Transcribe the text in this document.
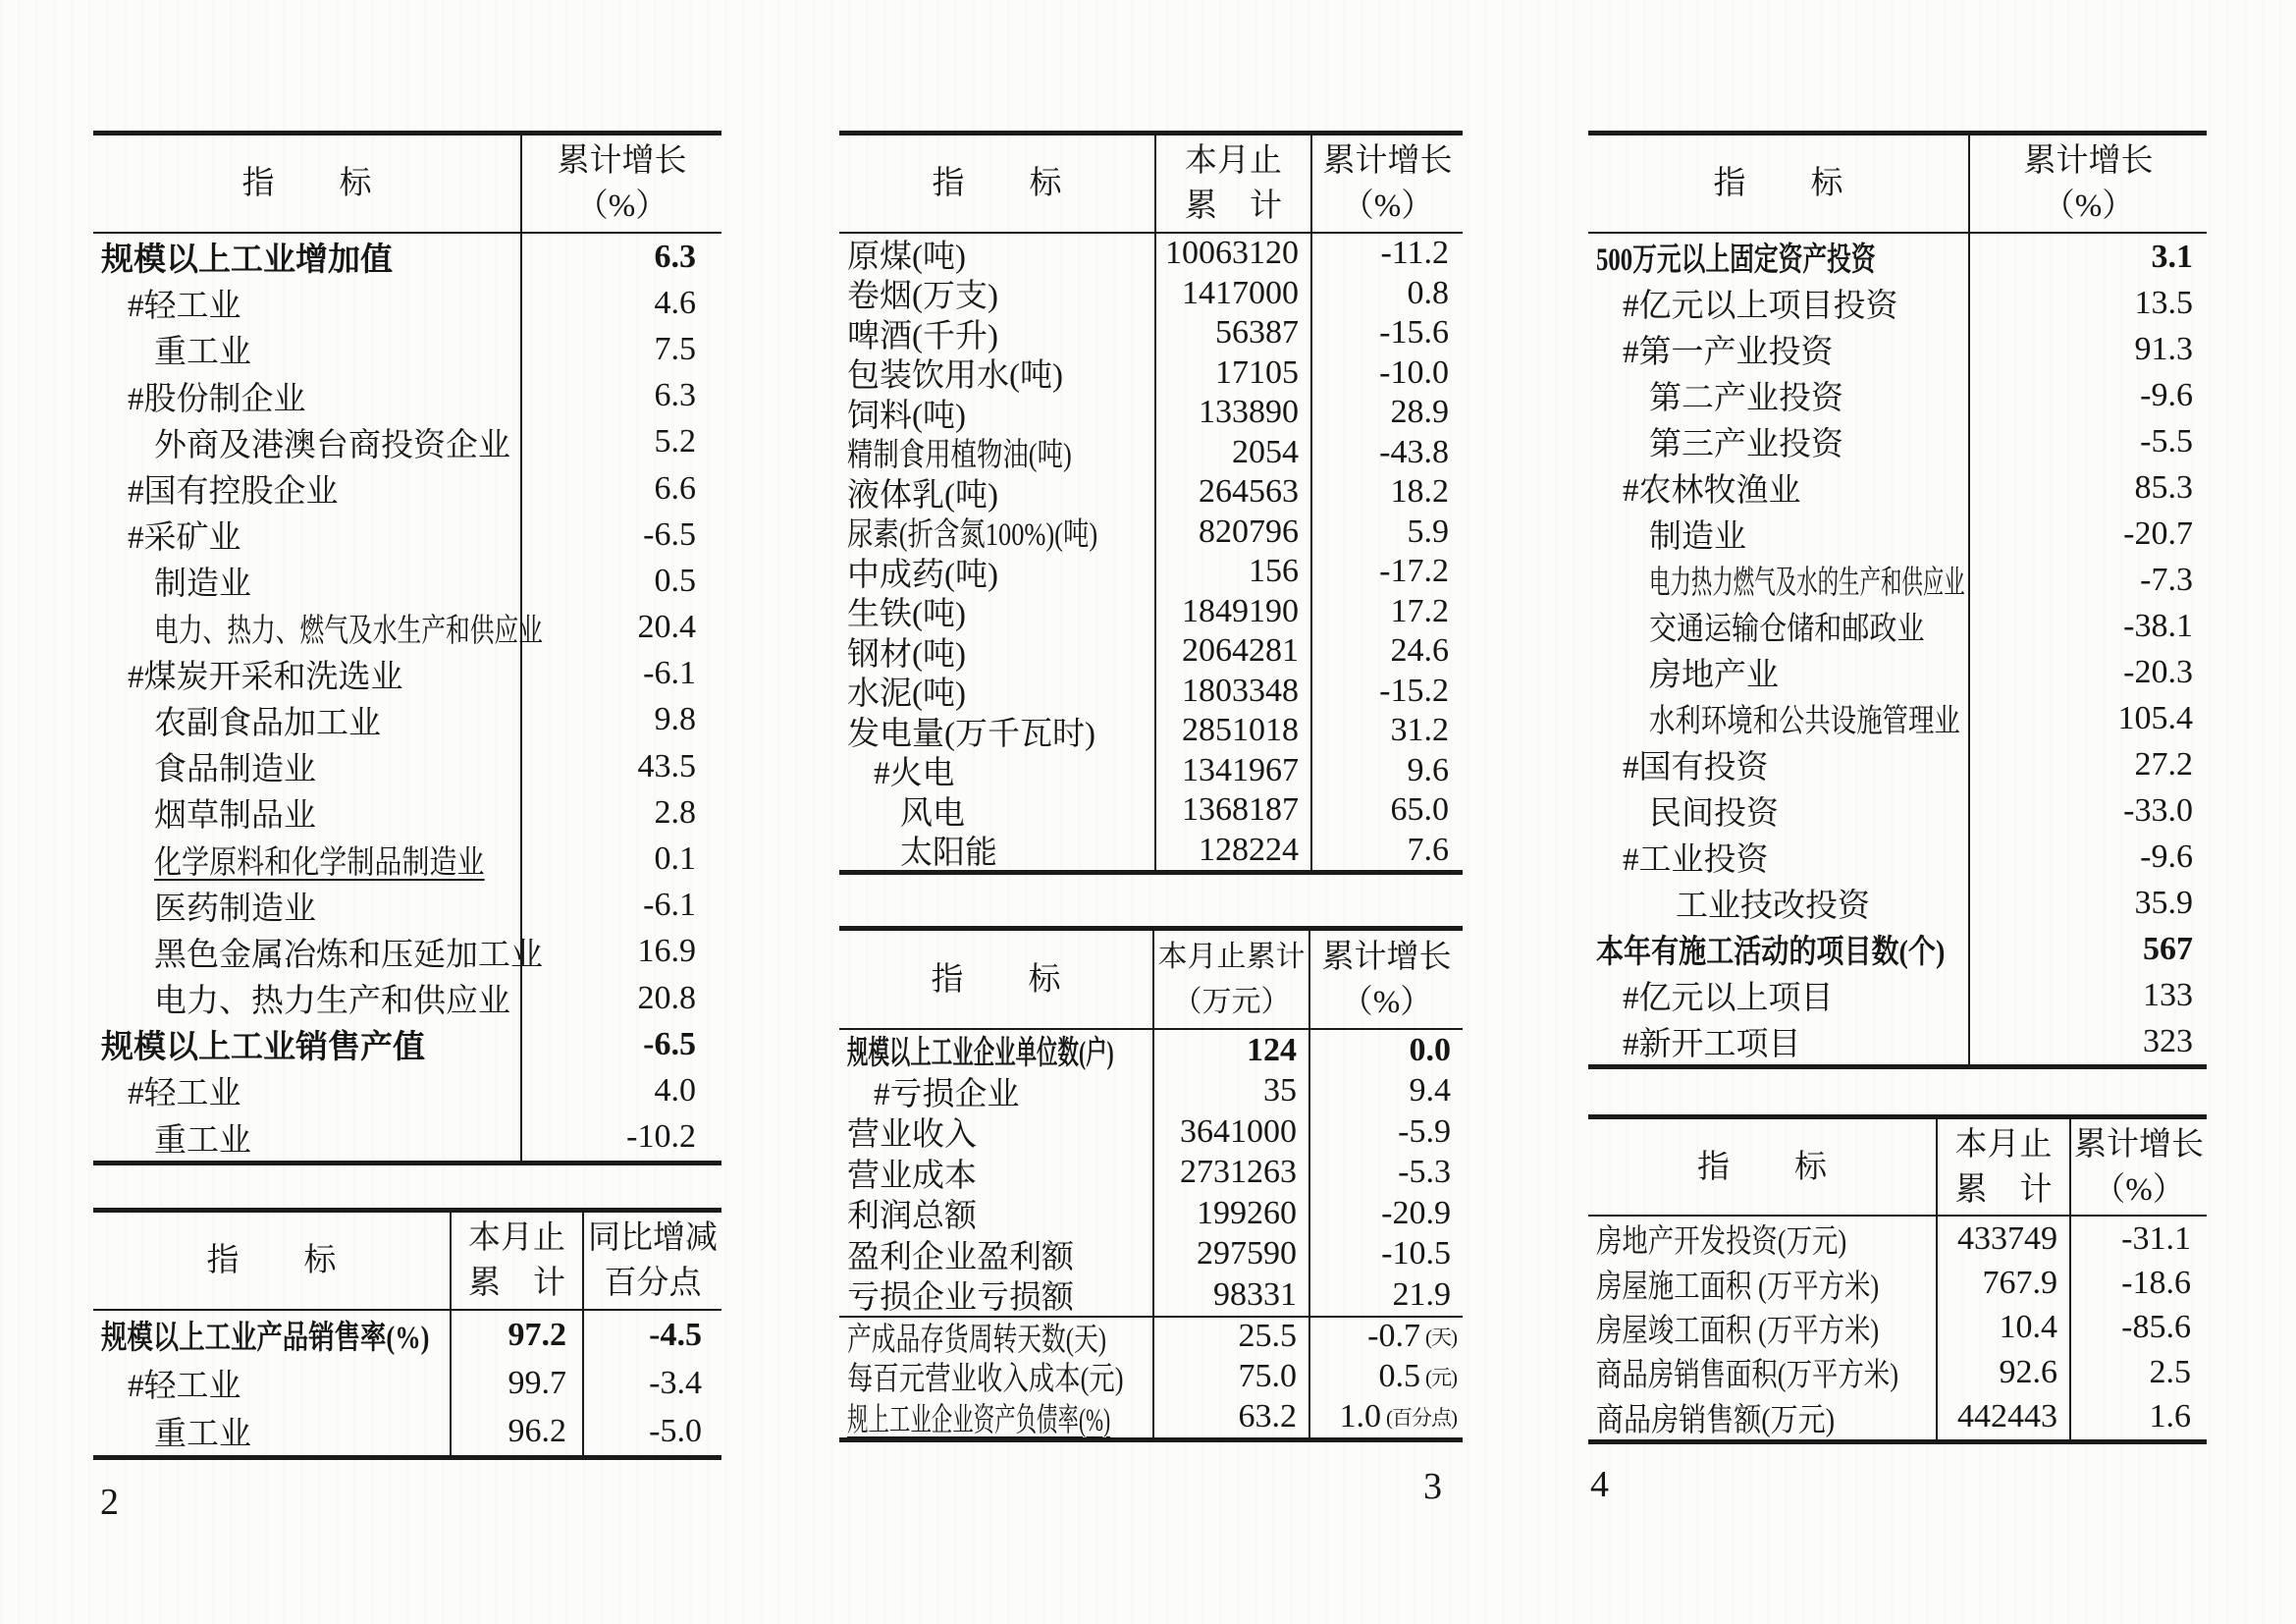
指　　标
累计增长
（%）
规模以上工业增加值	6.3
#轻工业	4.6
重工业	7.5
#股份制企业	6.3
外商及港澳台商投资企业	5.2
#国有控股企业	6.6
#采矿业	-6.5
制造业	0.5
电力、热力、燃气及水生产和供应业	20.4
#煤炭开采和洗选业	-6.1
农副食品加工业	9.8
食品制造业	43.5
烟草制品业	2.8
化学原料和化学制品制造业	0.1
医药制造业	-6.1
黑色金属冶炼和压延加工业	16.9
电力、热力生产和供应业	20.8
规模以上工业销售产值	-6.5
#轻工业	4.0
重工业	-10.2
指　　标
本月止
累　计
同比增减
百分点
规模以上工业产品销售率(%) 97.2 -4.5
#轻工业	99.7 -3.4
重工业	96.2 -5.0
指　　标
本月止
累　计
累计增长
（%）
原煤(吨)	10063120 -11.2
卷烟(万支)	1417000	0.8
啤酒(千升)	56387 -15.6
包装饮用水(吨)	17105 -10.0
饲料(吨)	133890	28.9
精制食用植物油(吨)	2054 -43.8
液体乳(吨)	264563	18.2
尿素(折含氮100%)(吨)	820796	5.9
中成药(吨)	156 -17.2
生铁(吨)	1849190	17.2
钢材(吨)	2064281	24.6
水泥(吨)	1803348 -15.2
发电量(万千瓦时)	2851018	31.2
#火电	1341967	9.6
风电	1368187	65.0
太阳能	128224	7.6
指　　标
本月止累计
（万元）
累计增长
（%）
规模以上工业企业单位数(户)	124	0.0
#亏损企业	35	9.4
营业收入	3641000	-5.9
营业成本	2731263	-5.3
利润总额	199260	-20.9
盈利企业盈利额	297590	-10.5
亏损企业亏损额	98331	21.9
产成品存货周转天数(天)	25.5 -0.7 (天)
每百元营业收入成本(元)	75.0 0.5 (元)
规上工业企业资产负债率(%)	63.2 1.0 (百分点)
指　　标
累计增长
（%）
500万元以上固定资产投资	3.1
#亿元以上项目投资	13.5
#第一产业投资	91.3
第二产业投资	-9.6
第三产业投资	-5.5
#农林牧渔业	85.3
制造业	-20.7
电力热力燃气及水的生产和供应业	-7.3
交通运输仓储和邮政业	-38.1
房地产业	-20.3
水利环境和公共设施管理业	105.4
#国有投资	27.2
民间投资	-33.0
#工业投资	-9.6
工业技改投资	35.9
本年有施工活动的项目数(个)	567
#亿元以上项目	133
#新开工项目	323
指　　标
本月止
累　计
累计增长
（%）
房地产开发投资(万元)	433749 -31.1
房屋施工面积 (万平方米)	767.9 -18.6
房屋竣工面积 (万平方米)	10.4 -85.6
商品房销售面积(万平方米)	92.6	2.5
商品房销售额(万元)	442443	1.6
2	3	4
